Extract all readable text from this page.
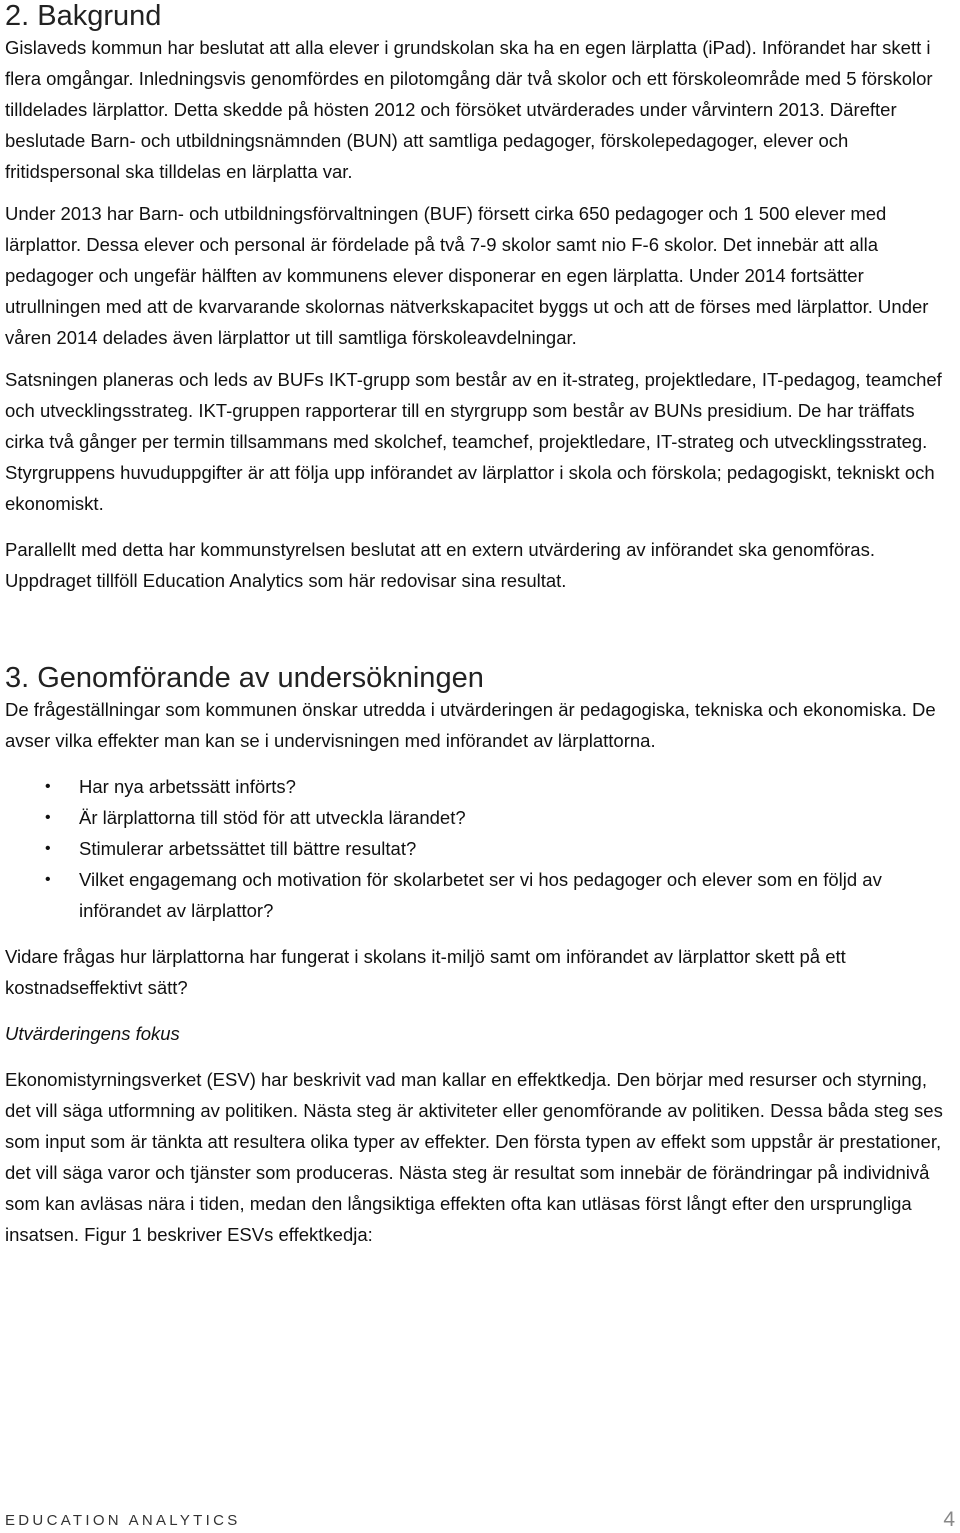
2. Bakgrund

Gislaveds kommun har beslutat att alla elever i grundskolan ska ha en egen lärplatta (iPad). Införandet har skett i flera omgångar. Inledningsvis genomfördes en pilotomgång där två skolor och ett förskoleområde med 5 förskolor tilldelades lärplattor. Detta skedde på hösten 2012 och försöket utvärderades under vårvintern 2013. Därefter beslutade Barn- och utbildningsnämnden (BUN) att samtliga pedagoger, förskolepedagoger, elever och fritidspersonal ska tilldelas en lärplatta var.

Under 2013 har Barn- och utbildningsförvaltningen (BUF) försett cirka 650 pedagoger och 1 500 elever med lärplattor. Dessa elever och personal är fördelade på två 7-9 skolor samt nio F-6 skolor. Det innebär att alla pedagoger och ungefär hälften av kommunens elever disponerar en egen lärplatta. Under 2014 fortsätter utrullningen med att de kvarvarande skolornas nätverkskapacitet byggs ut och att de förses med lärplattor. Under våren 2014 delades även lärplattor ut till samtliga förskoleavdelningar.

Satsningen planeras och leds av BUFs IKT-grupp som består av en it-strateg, projektledare, IT-pedagog, teamchef och utvecklingsstrateg. IKT-gruppen rapporterar till en styrgrupp som består av BUNs presidium. De har träffats cirka två gånger per termin tillsammans med skolchef, teamchef, projektledare, IT-strateg och utvecklingsstrateg. Styrgruppens huvuduppgifter är att följa upp införandet av lärplattor i skola och förskola; pedagogiskt, tekniskt och ekonomiskt.

Parallellt med detta har kommunstyrelsen beslutat att en extern utvärdering av införandet ska genomföras. Uppdraget tillföll Education Analytics som här redovisar sina resultat.

3. Genomförande av undersökningen

De frågeställningar som kommunen önskar utredda i utvärderingen är pedagogiska, tekniska och ekonomiska. De avser vilka effekter man kan se i undervisningen med införandet av lärplattorna.

• Har nya arbetssätt införts?
• Är lärplattorna till stöd för att utveckla lärandet?
• Stimulerar arbetssättet till bättre resultat?
• Vilket engagemang och motivation för skolarbetet ser vi hos pedagoger och elever som en följd av införandet av lärplattor?

Vidare frågas hur lärplattorna har fungerat i skolans it-miljö samt om införandet av lärplattor skett på ett kostnadseffektivt sätt?

Utvärderingens fokus

Ekonomistyrningsverket (ESV) har beskrivit vad man kallar en effektkedja. Den börjar med resurser och styrning, det vill säga utformning av politiken. Nästa steg är aktiviteter eller genomförande av politiken. Dessa båda steg ses som input som är tänkta att resultera olika typer av effekter. Den första typen av effekt som uppstår är prestationer, det vill säga varor och tjänster som produceras. Nästa steg är resultat som innebär de förändringar på individnivå som kan avläsas nära i tiden, medan den långsiktiga effekten ofta kan utläsas först långt efter den ursprungliga insatsen. Figur 1 beskriver ESVs effektkedja:

EDUCATION ANALYTICS	4
